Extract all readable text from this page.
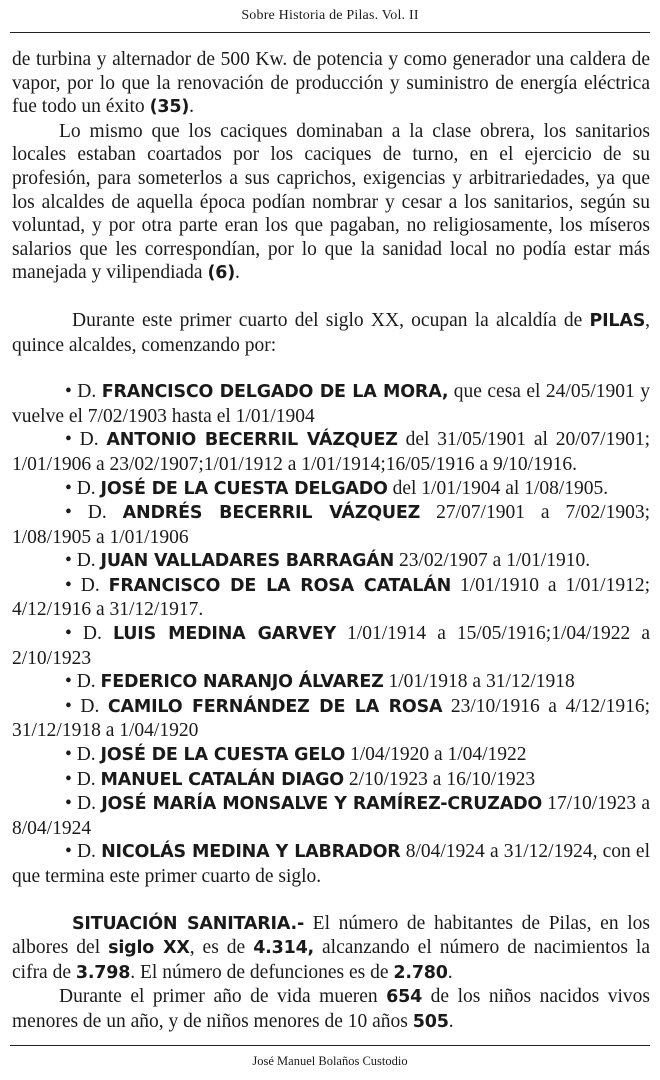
Sobre Historia de Pilas. Vol. II

de turbina y alternador de 500 Kw. de potencia y como generador una caldera de vapor, por lo que la renovación de producción y suministro de energía eléctrica fue todo un éxito (35).

Lo mismo que los caciques dominaban a la clase obrera, los sanitarios locales estaban coartados por los caciques de turno, en el ejercicio de su profesión, para someterlos a sus caprichos, exigencias y arbitrariedades, ya que los alcaldes de aquella época podían nombrar y cesar a los sanitarios, según su voluntad, y por otra parte eran los que pagaban, no religiosamente, los míseros salarios que les correspondían, por lo que la sanidad local no podía estar más manejada y vilipendiada (6).

Durante este primer cuarto del siglo XX, ocupan la alcaldía de PILAS, quince alcaldes, comenzando por:

• D. FRANCISCO DELGADO DE LA MORA, que cesa el 24/05/1901 y vuelve el 7/02/1903 hasta el 1/01/1904
• D. ANTONIO BECERRIL VÁZQUEZ del 31/05/1901 al 20/07/1901; 1/01/1906 a 23/02/1907;1/01/1912 a 1/01/1914;16/05/1916 a 9/10/1916.
• D. JOSÉ DE LA CUESTA DELGADO del 1/01/1904 al 1/08/1905.
• D. ANDRÉS BECERRIL VÁZQUEZ 27/07/1901 a 7/02/1903; 1/08/1905 a 1/01/1906
• D. JUAN VALLADARES BARRAGÁN 23/02/1907 a 1/01/1910.
• D. FRANCISCO DE LA ROSA CATALÁN 1/01/1910 a 1/01/1912; 4/12/1916 a 31/12/1917.
• D. LUIS MEDINA GARVEY 1/01/1914 a 15/05/1916;1/04/1922 a 2/10/1923
• D. FEDERICO NARANJO ÁLVAREZ 1/01/1918 a 31/12/1918
• D. CAMILO FERNÁNDEZ DE LA ROSA 23/10/1916 a 4/12/1916; 31/12/1918 a 1/04/1920
• D. JOSÉ DE LA CUESTA GELO 1/04/1920 a 1/04/1922
• D. MANUEL CATALÁN DIAGO 2/10/1923 a 16/10/1923
• D. JOSÉ MARÍA MONSALVE Y RAMÍREZ-CRUZADO 17/10/1923 a 8/04/1924
• D. NICOLÁS MEDINA Y LABRADOR 8/04/1924 a 31/12/1924, con el que termina este primer cuarto de siglo.

SITUACIÓN SANITARIA.- El número de habitantes de Pilas, en los albores del siglo XX, es de 4.314, alcanzando el número de nacimientos la cifra de 3.798. El número de defunciones es de 2.780.

Durante el primer año de vida mueren 654 de los niños nacidos vivos menores de un año, y de niños menores de 10 años 505.

José Manuel Bolaños Custodio
